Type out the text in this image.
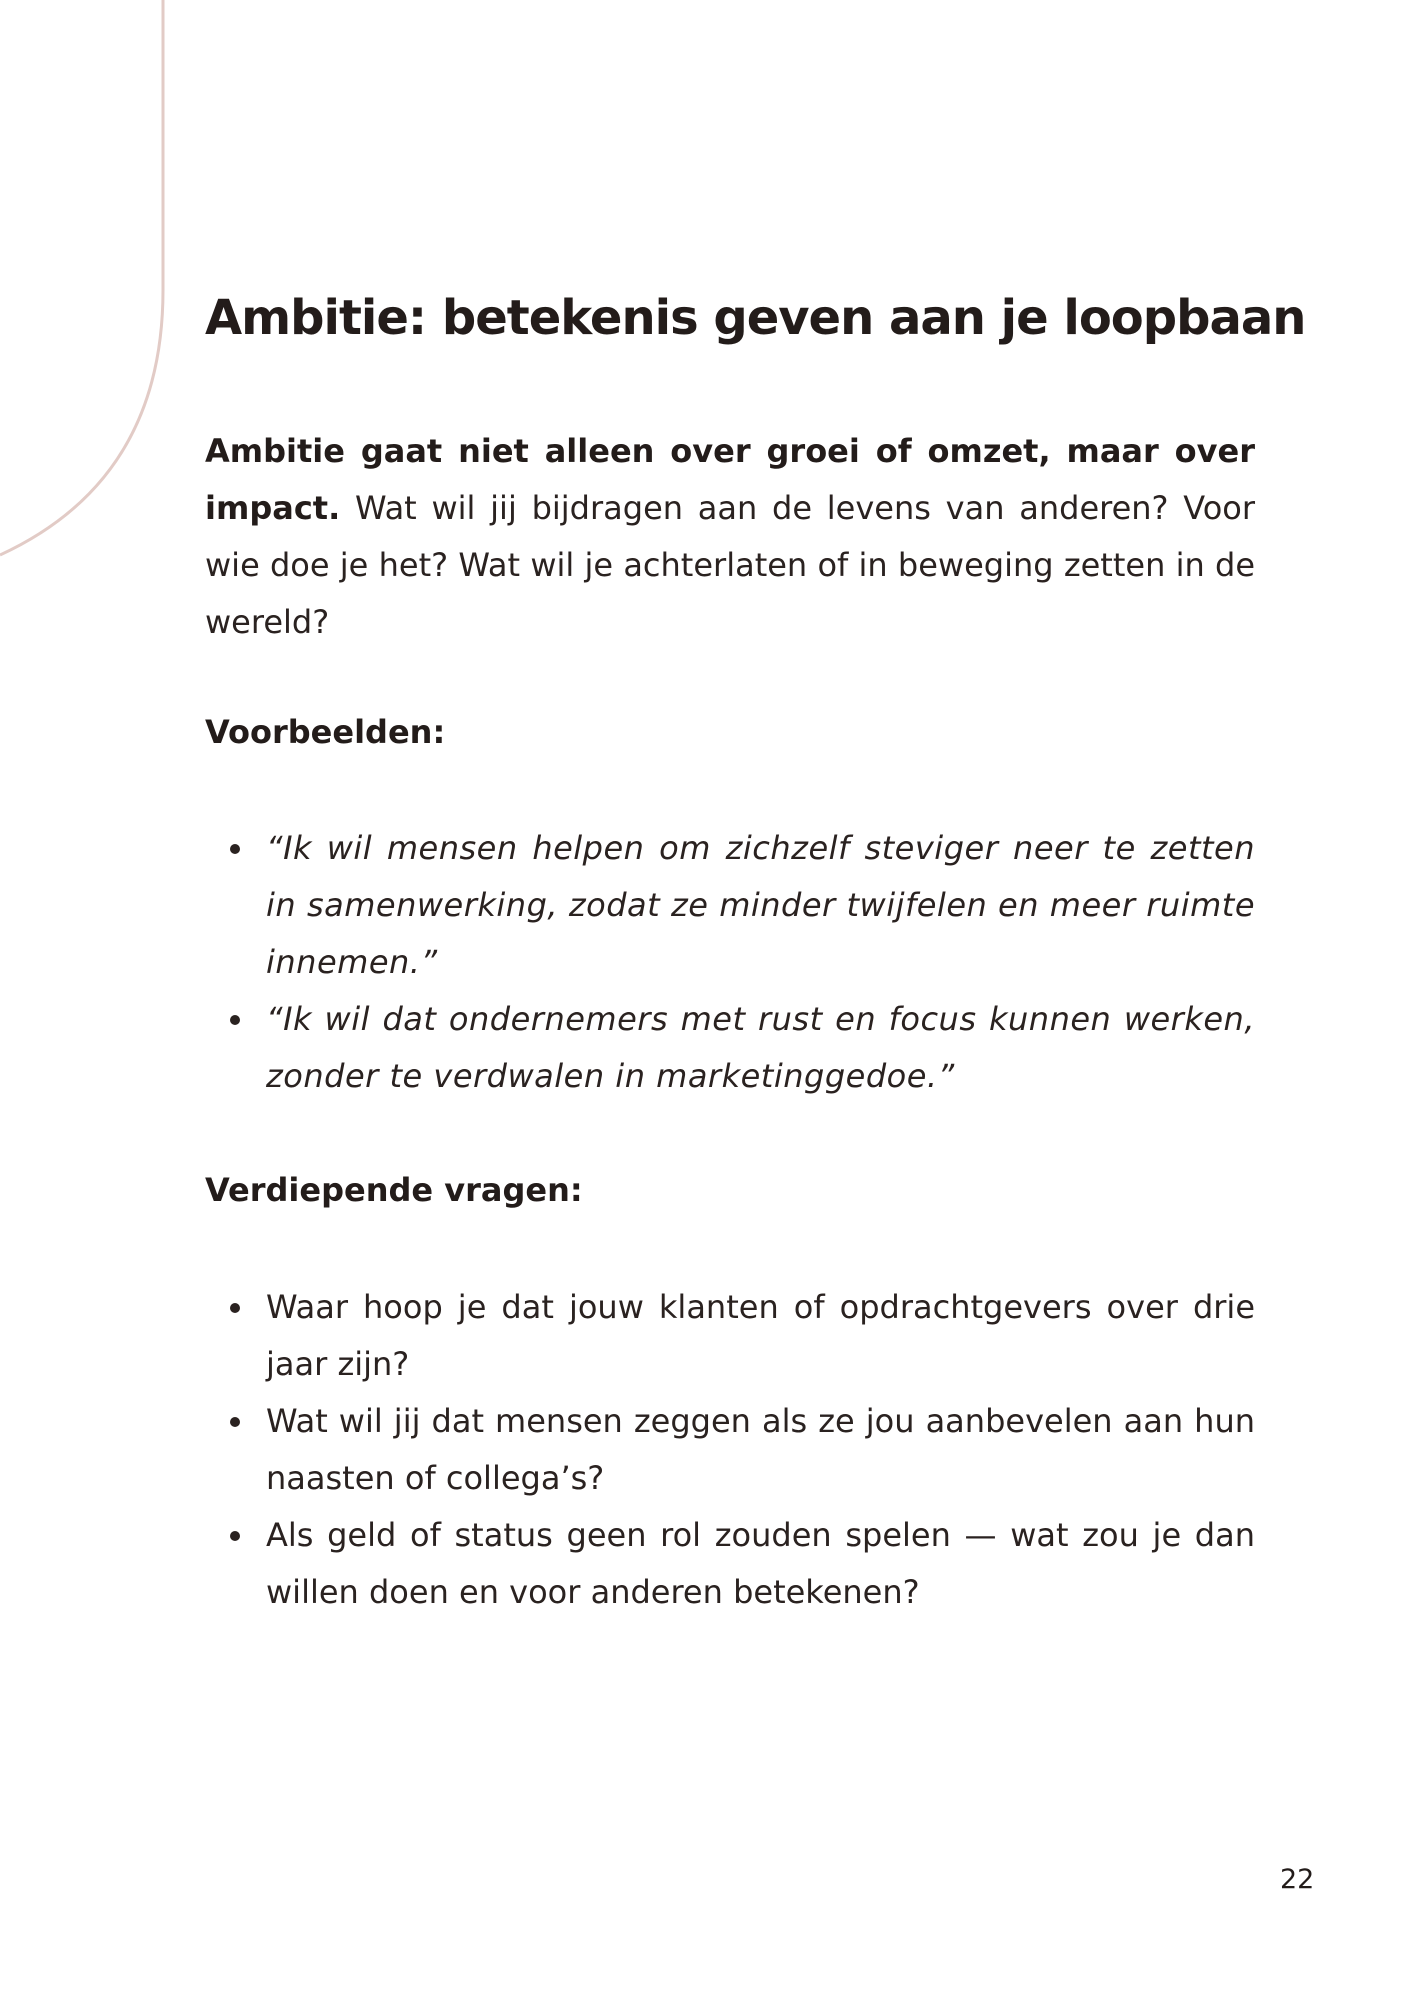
Ambitie: betekenis geven aan je loopbaan

Ambitie gaat niet alleen over groei of omzet, maar over impact. Wat wil jij bijdragen aan de levens van anderen? Voor wie doe je het? Wat wil je achterlaten of in beweging zetten in de wereld?

Voorbeelden:
“Ik wil mensen helpen om zichzelf steviger neer te zetten in samenwerking, zodat ze minder twijfelen en meer ruimte innemen.”
“Ik wil dat ondernemers met rust en focus kunnen werken, zonder te verdwalen in marketinggedoe.”
Verdiepende vragen:
Waar hoop je dat jouw klanten of opdrachtgevers over drie jaar zijn?
Wat wil jij dat mensen zeggen als ze jou aanbevelen aan hun naasten of collega’s?
Als geld of status geen rol zouden spelen — wat zou je dan willen doen en voor anderen betekenen?
22
